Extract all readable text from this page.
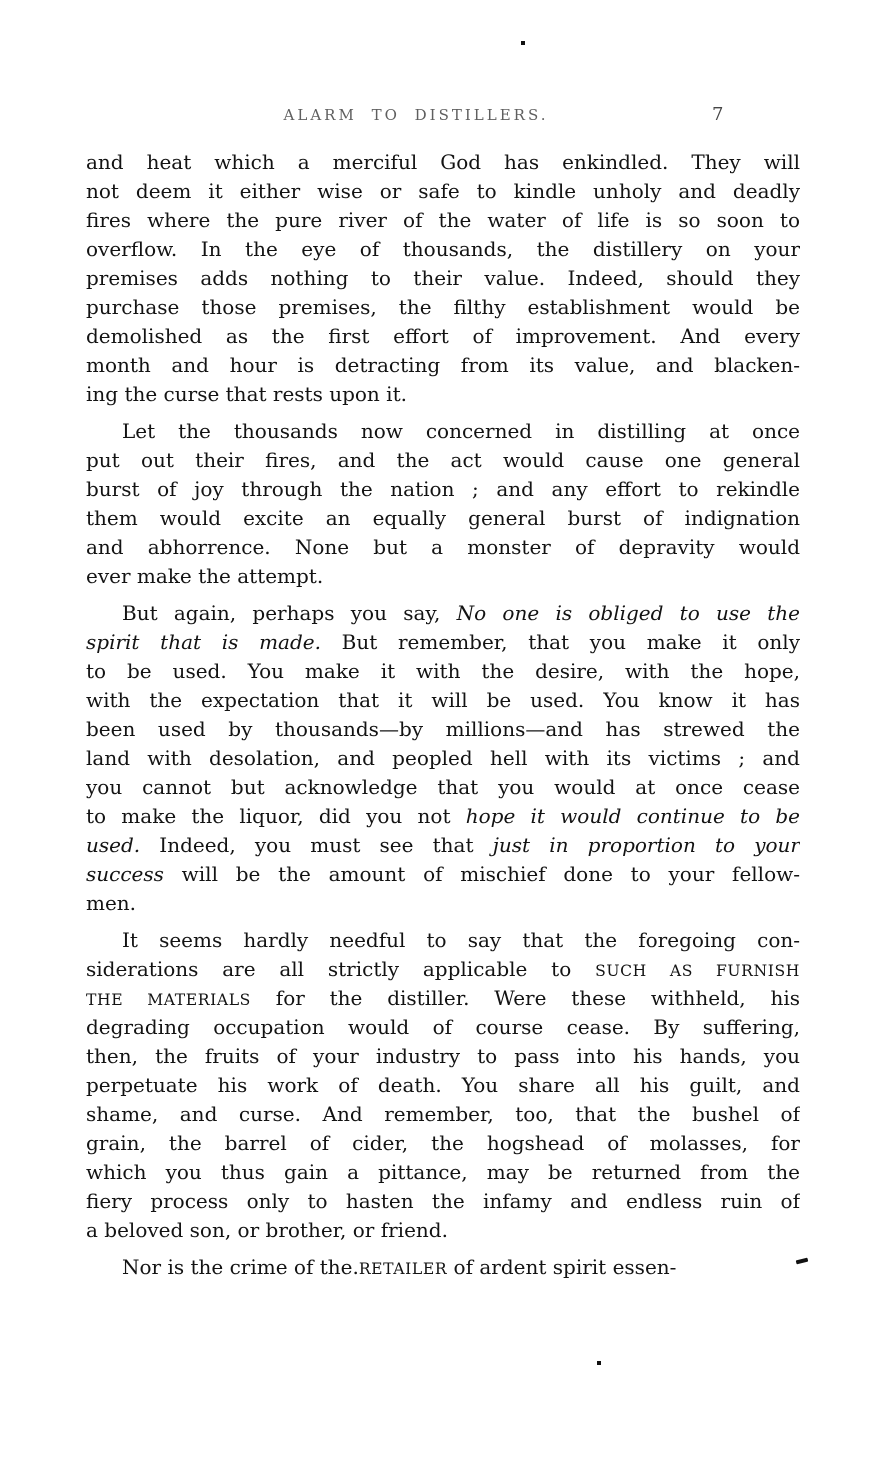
ALARM TO DISTILLERS.	7
and heat which a merciful God has enkindled. They will
not deem it either wise or safe to kindle unholy and deadly
fires where the pure river of the water of life is so soon to
overflow. In the eye of thousands, the distillery on your
premises adds nothing to their value. Indeed, should they
purchase those premises, the filthy establishment would be
demolished as the first effort of improvement. And every
month and hour is detracting from its value, and blacken-
ing the curse that rests upon it.
Let the thousands now concerned in distilling at once
put out their fires, and the act would cause one general
burst of joy through the nation ; and any effort to rekindle
them would excite an equally general burst of indignation
and abhorrence. None but a monster of depravity would
ever make the attempt.
But again, perhaps you say, No one is obliged to use the
spirit that is made. But remember, that you make it only
to be used. You make it with the desire, with the hope,
with the expectation that it will be used. You know it has
been used by thousands—by millions—and has strewed the
land with desolation, and peopled hell with its victims ; and
you cannot but acknowledge that you would at once cease
to make the liquor, did you not hope it would continue to be
used. Indeed, you must see that just in proportion to your
success will be the amount of mischief done to your fellow-
men.
It seems hardly needful to say that the foregoing con-
siderations are all strictly applicable to SUCH AS FURNISH
THE MATERIALS for the distiller. Were these withheld, his
degrading occupation would of course cease. By suffering,
then, the fruits of your industry to pass into his hands, you
perpetuate his work of death. You share all his guilt, and
shame, and curse. And remember, too, that the bushel of
grain, the barrel of cider, the hogshead of molasses, for
which you thus gain a pittance, may be returned from the
fiery process only to hasten the infamy and endless ruin of
a beloved son, or brother, or friend.
Nor is the crime of the.RETAILER of ardent spirit essen-
